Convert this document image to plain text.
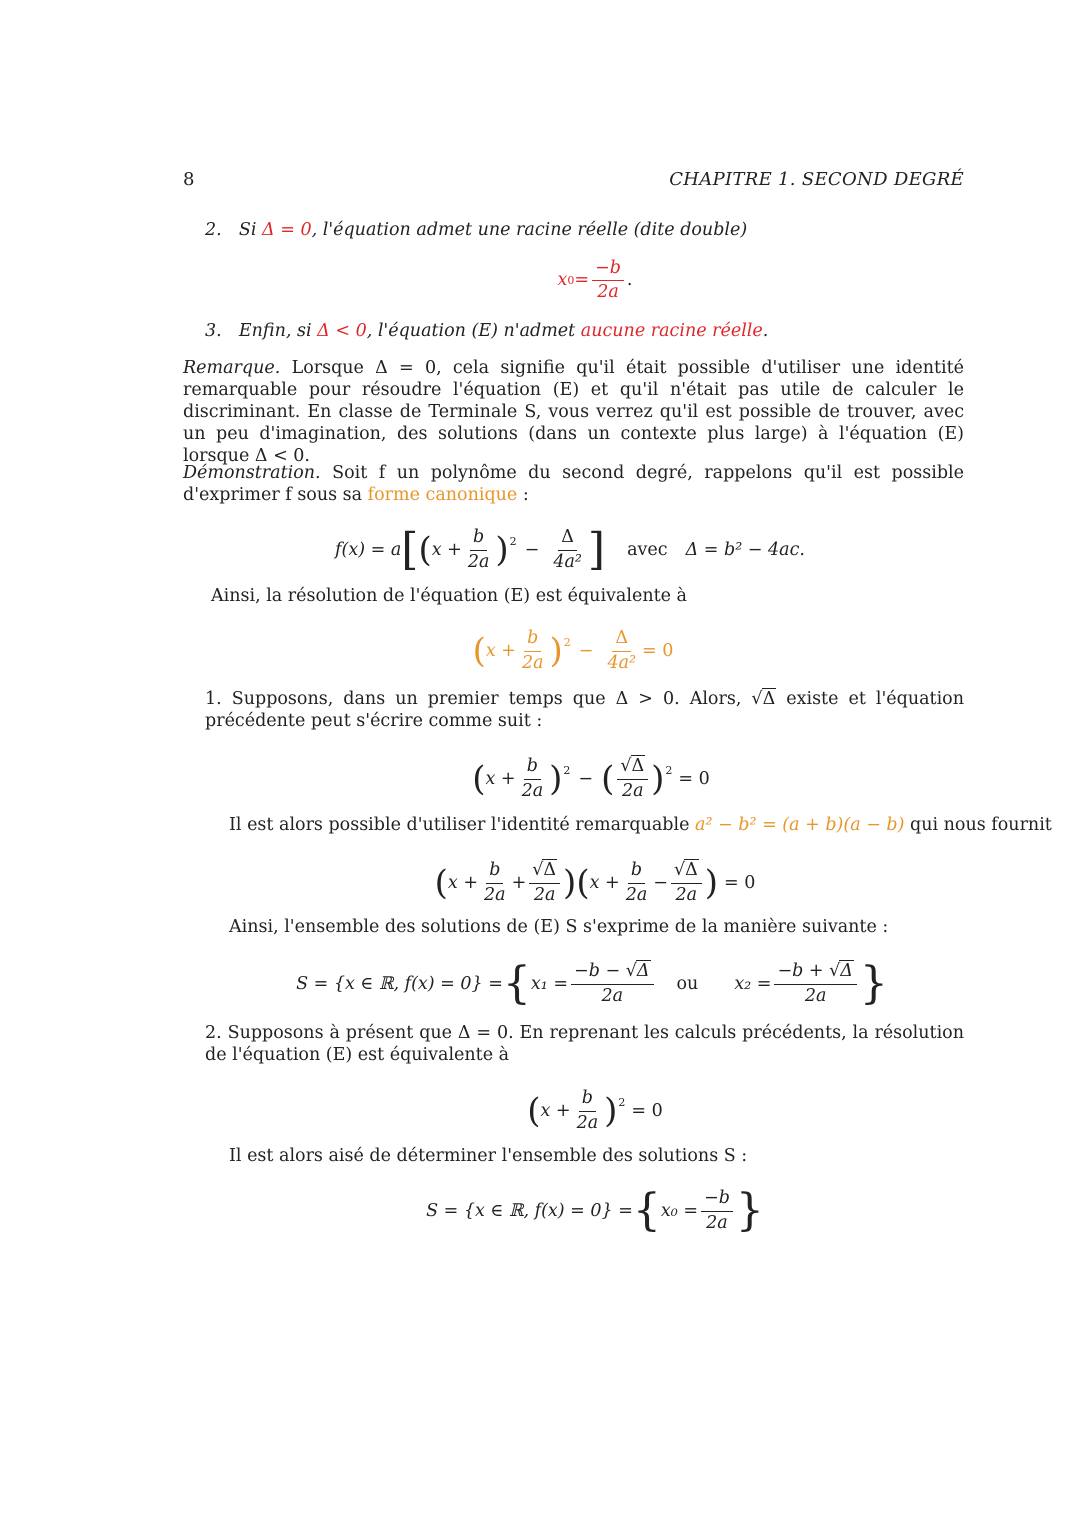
8	CHAPITRE 1. SECOND DEGRÉ
2. Si Δ = 0, l'équation admet une racine réelle (dite double)
x $0 = \frac{-b}{2a}$ .
3. Enfin, si Δ < 0, l'équation (E) n'admet aucune racine réelle.
Remarque. Lorsque Δ = 0, cela signifie qu'il était possible d'utiliser une identité remarquable pour résoudre l'équation (E) et qu'il n'était pas utile de calculer le discriminant. En classe de Terminale S, vous verrez qu'il est possible de trouver, avec un peu d'imagination, des solutions (dans un contexte plus large) à l'équation (E) lorsque Δ < 0.
Démonstration. Soit f un polynôme du second degré, rappelons qu'il est possible d'exprimer f sous sa forme canonique :
f(x) = a [ ( $x + \frac{b}{2a}$ ) $2 - \frac{\Delta}{\text{4a²}}$ ] avec Δ = b² − 4ac.
Ainsi, la résolution de l'équation (E) est équivalente à
( $x + \frac{b}{2a}$ ) $2 - \frac{\Delta}{\text{4a²}} = 0$
1. Supposons, dans un premier temps que Δ > 0. Alors, √Δ existe et l'équation précédente peut s'écrire comme suit :
( $x + \frac{b}{2a}$ ) 2 − ( $\frac{√\Delta}{2a}$ ) 2 = 0
Il est alors possible d'utiliser l'identité remarquable a² − b² = (a + b)(a − b) qui nous fournit
( $x + \frac{b}{2a} + \frac{√\Delta}{2a}$ ) ( $x + \frac{b}{2a} - \frac{√\Delta}{2a}$ ) = 0
Ainsi, l'ensemble des solutions de (E) S s'exprime de la manière suivante :
S = {x ∈ ℝ, f(x) = 0} = { $x_1 = \frac{-b - √\Delta}{2a}$ ou $x_2 = \frac{-b + √\Delta}{2a}$ }
2. Supposons à présent que Δ = 0. En reprenant les calculs précédents, la résolution de l'équation (E) est équivalente à
( $x + \frac{b}{2a}$ ) 2 = 0
Il est alors aisé de déterminer l'ensemble des solutions S :
S = {x ∈ ℝ, f(x) = 0} = { $x_0 = \frac{-b}{2a}$ }
